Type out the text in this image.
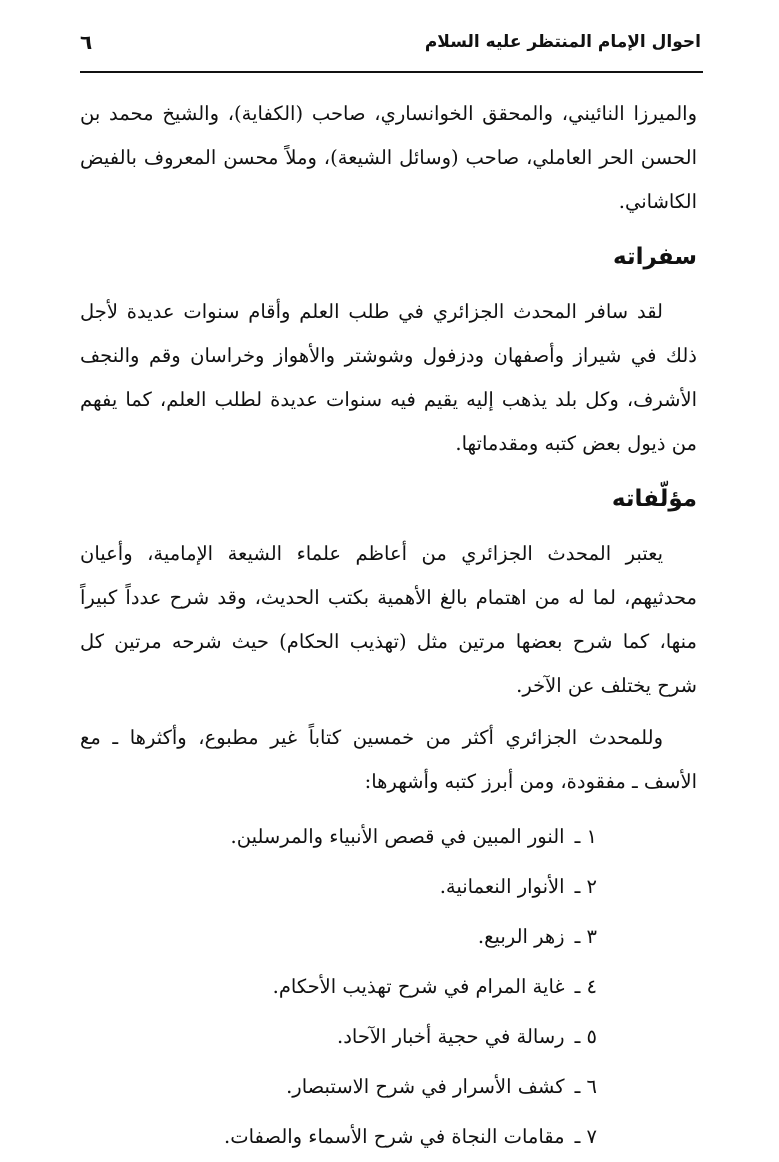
٦	احوال الإمام المنتظر عليه السلام

والميرزا النائيني، والمحقق الخوانساري، صاحب (الكفاية)، والشيخ محمد بن الحسن الحر العاملي، صاحب (وسائل الشيعة)، وملاً محسن المعروف بالفيض الكاشاني.

سفراته

لقد سافر المحدث الجزائري في طلب العلم وأقام سنوات عديدة لأجل ذلك في شيراز وأصفهان ودزفول وشوشتر والأهواز وخراسان وقم والنجف الأشرف، وكل بلد يذهب إليه يقيم فيه سنوات عديدة لطلب العلم، كما يفهم من ذيول بعض كتبه ومقدماتها.

مؤلّفاته

يعتبر المحدث الجزائري من أعاظم علماء الشيعة الإمامية، وأعيان محدثيهم، لما له من اهتمام بالغ الأهمية بكتب الحديث، وقد شرح عدداً كبيراً منها، كما شرح بعضها مرتين مثل (تهذيب الحكام) حيث شرحه مرتين كل شرح يختلف عن الآخر.

وللمحدث الجزائري أكثر من خمسين كتاباً غير مطبوع، وأكثرها ـ مع الأسف ـ مفقودة، ومن أبرز كتبه وأشهرها:

١ ـالنور المبين في قصص الأنبياء والمرسلين.
٢ ـالأنوار النعمانية.
٣ ـزهر الربيع.
٤ ـغاية المرام في شرح تهذيب الأحكام.
٥ ـرسالة في حجية أخبار الآحاد.
٦ ـكشف الأسرار في شرح الاستبصار.
٧ ـمقامات النجاة في شرح الأسماء والصفات.
